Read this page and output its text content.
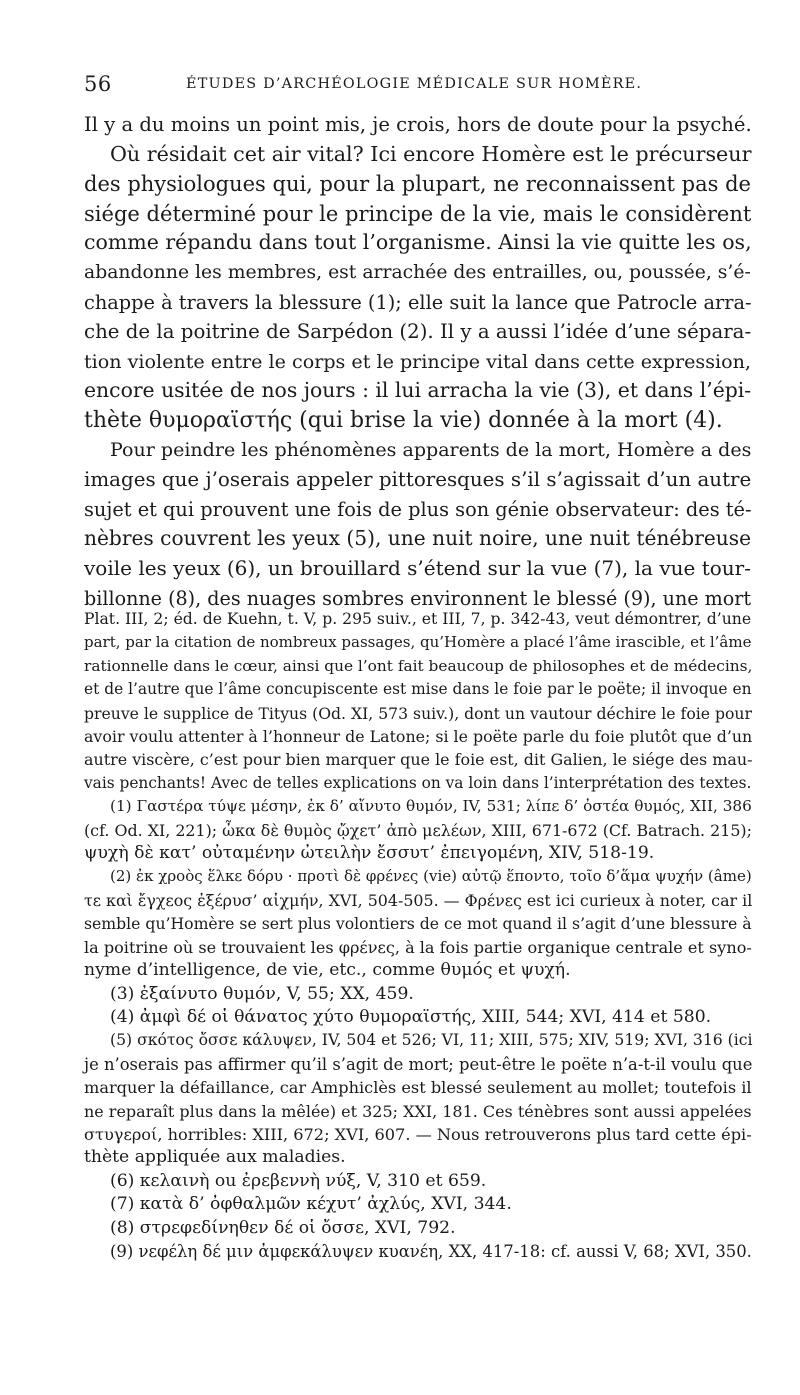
56	ÉTUDES D’ARCHÉOLOGIE MÉDICALE SUR HOMÈRE.
Il y a du moins un point mis, je crois, hors de doute pour la psyché.
Où résidait cet air vital? Ici encore Homère est le précurseur
des physiologues qui, pour la plupart, ne reconnaissent pas de
siége déterminé pour le principe de la vie, mais le considèrent
comme répandu dans tout l’organisme. Ainsi la vie quitte les os,
abandonne les membres, est arrachée des entrailles, ou, poussée, s’é-
chappe à travers la blessure (1); elle suit la lance que Patrocle arra-
che de la poitrine de Sarpédon (2). Il y a aussi l’idée d’une sépara-
tion violente entre le corps et le principe vital dans cette expression,
encore usitée de nos jours : il lui arracha la vie (3), et dans l’épi-
thète θυμοραϊστής (qui brise la vie) donnée à la mort (4).
Pour peindre les phénomènes apparents de la mort, Homère a des
images que j’oserais appeler pittoresques s’il s’agissait d’un autre
sujet et qui prouvent une fois de plus son génie observateur: des té-
nèbres couvrent les yeux (5), une nuit noire, une nuit ténébreuse
voile les yeux (6), un brouillard s’étend sur la vue (7), la vue tour-
billonne (8), des nuages sombres environnent le blessé (9), une mort
Plat. III, 2; éd. de Kuehn, t. V, p. 295 suiv., et III, 7, p. 342-43, veut démontrer, d’une
part, par la citation de nombreux passages, qu’Homère a placé l’âme irascible, et l’âme
rationnelle dans le cœur, ainsi que l’ont fait beaucoup de philosophes et de médecins,
et de l’autre que l’âme concupiscente est mise dans le foie par le poëte; il invoque en
preuve le supplice de Tityus (Od. XI, 573 suiv.), dont un vautour déchire le foie pour
avoir voulu attenter à l’honneur de Latone; si le poëte parle du foie plutôt que d’un
autre viscère, c’est pour bien marquer que le foie est, dit Galien, le siége des mau-
vais penchants! Avec de telles explications on va loin dans l’interprétation des textes.
(1) Γαστέρα τύψε μέσην, ἐκ δ’ αἴνυτο θυμόν, IV, 531; λίπε δ’ ὀστέα θυμός, XII, 386
(cf. Od. XI, 221); ὦκα δὲ θυμὸς ᾤχετ’ ἀπὸ μελέων, XIII, 671-672 (Cf. Batrach. 215);
ψυχὴ δὲ κατ’ οὐταμένην ὠτειλὴν ἔσσυτ’ ἐπειγομένη, XIV, 518-19.
(2) ἐκ χροὸς ἕλκε δόρυ · προτὶ δὲ φρένες (vie) αὐτῷ ἕποντο, τοῖο δ’ἅμα ψυχήν (âme)
τε καὶ ἔγχεος ἐξέρυσ’ αἰχμήν, XVI, 504-505. — Φρένες est ici curieux à noter, car il
semble qu’Homère se sert plus volontiers de ce mot quand il s’agit d’une blessure à
la poitrine où se trouvaient les φρένες, à la fois partie organique centrale et syno-
nyme d’intelligence, de vie, etc., comme θυμός et ψυχή.
(3) ἐξαίνυτο θυμόν, V, 55; XX, 459.
(4) ἀμφὶ δέ οἱ θάνατος χύτο θυμοραϊστής, XIII, 544; XVI, 414 et 580.
(5) σκότος ὄσσε κάλυψεν, IV, 504 et 526; VI, 11; XIII, 575; XIV, 519; XVI, 316 (ici
je n’oserais pas affirmer qu’il s’agit de mort; peut-être le poëte n’a-t-il voulu que
marquer la défaillance, car Amphiclès est blessé seulement au mollet; toutefois il
ne reparaît plus dans la mêlée) et 325; XXI, 181. Ces ténèbres sont aussi appelées
στυγεροί, horribles: XIII, 672; XVI, 607. — Nous retrouverons plus tard cette épi-
thète appliquée aux maladies.
(6) κελαινὴ ou ἐρεβεννὴ νύξ, V, 310 et 659.
(7) κατὰ δ’ ὀφθαλμῶν κέχυτ’ ἀχλύς, XVI, 344.
(8) στρεφεδίνηθεν δέ οἱ ὄσσε, XVI, 792.
(9) νεφέλη δέ μιν ἀμφεκάλυψεν κυανέη, XX, 417-18: cf. aussi V, 68; XVI, 350.
